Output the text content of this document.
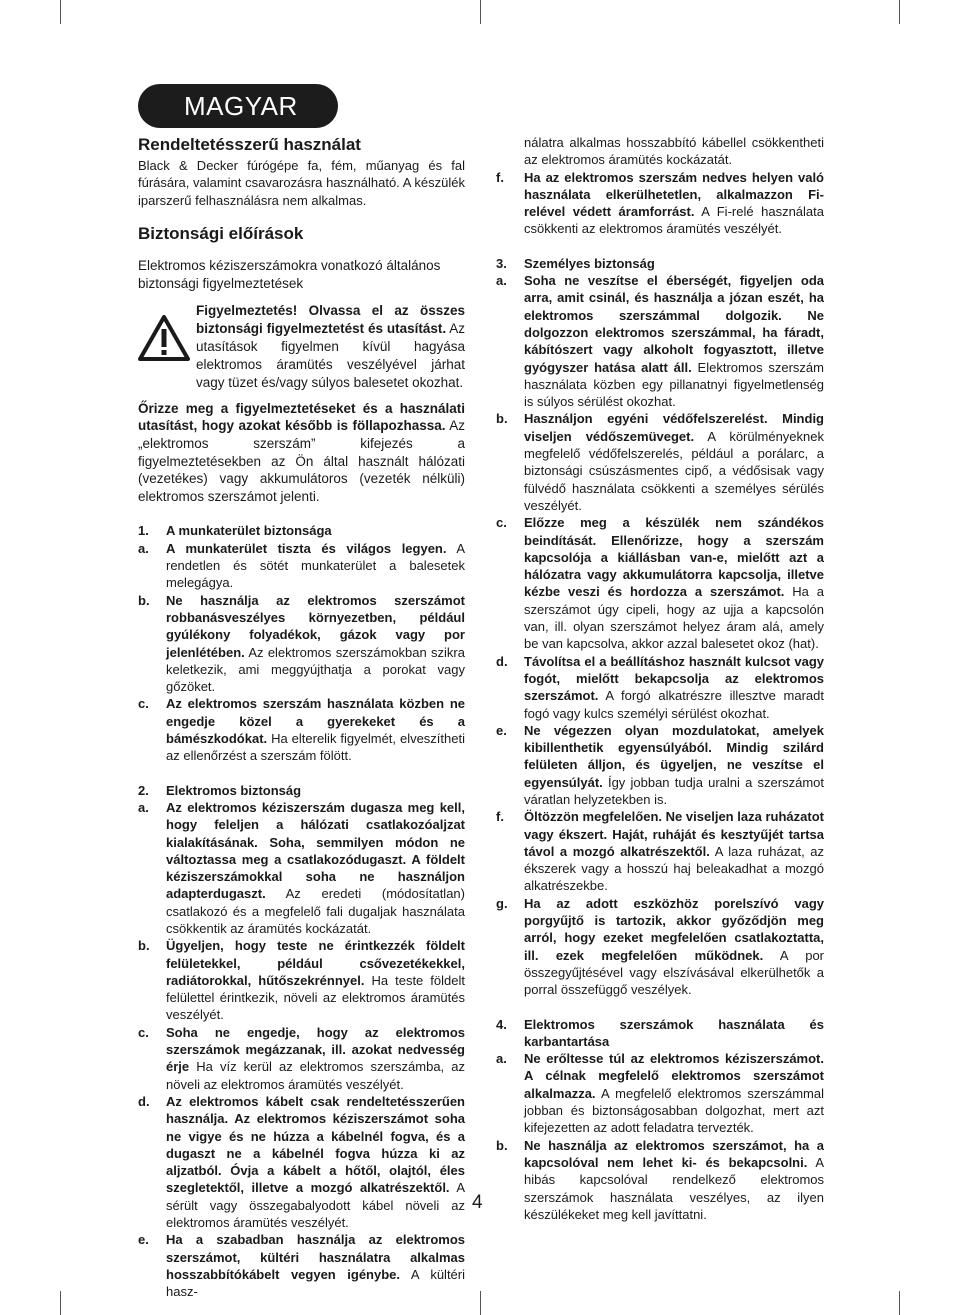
MAGYAR

Rendeltetésszerű használat

Black & Decker fúrógépe fa, fém, műanyag és fal fúrására, valamint csavarozásra használható. A készülék iparszerű felhasználásra nem alkalmas.

Biztonsági előírások

Elektromos kéziszerszámokra vonatkozó általános biztonsági figyelmeztetések

Figyelmeztetés! Olvassa el az összes biztonsági figyelmeztetést és utasítást. Az utasítások figyelmen kívül hagyása elektromos áramütés veszélyével járhat vagy tüzet és/vagy súlyos balesetet okozhat.

Őrizze meg a figyelmeztetéseket és a használati utasítást, hogy azokat később is föllapozhassa. Az „elektromos szerszám” kifejezés a figyelmeztetésekben az Ön által használt hálózati (vezetékes) vagy akkumulátoros (vezeték nélküli) elektromos szerszámot jelenti.

1.	A munkaterület biztonsága
a.	A munkaterület tiszta és világos legyen. A rendetlen és sötét munkaterület a balesetek melegágya.
b.	Ne használja az elektromos szerszámot robbanásveszélyes környezetben, például gyúlékony folyadékok, gázok vagy por jelenlétében. Az elektromos szerszámokban szikra keletkezik, ami meggyújthatja a porokat vagy gőzöket.
c.	Az elektromos szerszám használata közben ne engedje közel a gyerekeket és a bámészkodókat. Ha elterelik figyelmét, elveszítheti az ellenőrzést a szerszám fölött.
2.	Elektromos biztonság
a.	Az elektromos kéziszerszám dugasza meg kell, hogy feleljen a hálózati csatlakozóaljzat kialakításának. Soha, semmilyen módon ne változtassa meg a csatlakozódugaszt. A földelt kéziszerszámokkal soha ne használjon adapterdugaszt. Az eredeti (módosítatlan) csatlakozó és a megfelelő fali dugaljak használata csökkentik az áramütés kockázatát.
b.	Ügyeljen, hogy teste ne érintkezzék földelt felületekkel, például csővezetékekkel, radiátorokkal, hűtőszekrénnyel. Ha teste földelt felülettel érintkezik, növeli az elektromos áramütés veszélyét.
c.	Soha ne engedje, hogy az elektromos szerszámok megázzanak, ill. azokat nedvesség érje Ha víz kerül az elektromos szerszámba, az növeli az elektromos áramütés veszélyét.
d.	Az elektromos kábelt csak rendeltetésszerűen használja. Az elektromos kéziszerszámot soha ne vigye és ne húzza a kábelnél fogva, és a dugaszt ne a kábelnél fogva húzza ki az aljzatból. Óvja a kábelt a hőtől, olajtól, éles szegletektől, illetve a mozgó alkatrészektől. A sérült vagy összegabalyodott kábel növeli az elektromos áramütés veszélyét.
e.	Ha a szabadban használja az elektromos szerszámot, kültéri használatra alkalmas hosszabbítókábelt vegyen igénybe. A kültéri hasz-
nálatra alkalmas hosszabbító kábellel csökkentheti az elektromos áramütés kockázatát.
f.	Ha az elektromos szerszám nedves helyen való használata elkerülhetetlen, alkalmazzon Fi-relével védett áramforrást. A Fi-relé használata csökkenti az elektromos áramütés veszélyét.
3.	Személyes biztonság
a.	Soha ne veszítse el éberségét, figyeljen oda arra, amit csinál, és használja a józan eszét, ha elektromos szerszámmal dolgozik. Ne dolgozzon elektromos szerszámmal, ha fáradt, kábítószert vagy alkoholt fogyasztott, illetve gyógyszer hatása alatt áll. Elektromos szerszám használata közben egy pillanatnyi figyelmetlenség is súlyos sérülést okozhat.
b.	Használjon egyéni védőfelszerelést. Mindig viseljen védőszemüveget. A körülményeknek megfelelő védőfelszerelés, például a porálarc, a biztonsági csúszásmentes cipő, a védősisak vagy fülvédő használata csökkenti a személyes sérülés veszélyét.
c.	Előzze meg a készülék nem szándékos beindítását. Ellenőrizze, hogy a szerszám kapcsolója a kiállásban van-e, mielőtt azt a hálózatra vagy akkumulátorra kapcsolja, illetve kézbe veszi és hordozza a szerszámot. Ha a szerszámot úgy cipeli, hogy az ujja a kapcsolón van, ill. olyan szerszámot helyez áram alá, amely be van kapcsolva, akkor azzal balesetet okoz (hat).
d.	Távolítsa el a beállításhoz használt kulcsot vagy fogót, mielőtt bekapcsolja az elektromos szerszámot. A forgó alkatrészre illesztve maradt fogó vagy kulcs személyi sérülést okozhat.
e.	Ne végezzen olyan mozdulatokat, amelyek kibillenthetik egyensúlyából. Mindig szilárd felületen álljon, és ügyeljen, ne veszítse el egyensúlyát. Így jobban tudja uralni a szerszámot váratlan helyzetekben is.
f.	Öltözzön megfelelően. Ne viseljen laza ruházatot vagy ékszert. Haját, ruháját és kesztyűjét tartsa távol a mozgó alkatrészektől. A laza ruházat, az ékszerek vagy a hosszú haj beleakadhat a mozgó alkatrészekbe.
g.	Ha az adott eszközhöz porelszívó vagy porgyűjtő is tartozik, akkor győződjön meg arról, hogy ezeket megfelelően csatlakoztatta, ill. ezek megfelelően működnek. A por összegyűjtésével vagy elszívásával elkerülhetők a porral összefüggő veszélyek.
4.	Elektromos szerszámok használata és karbantartása
a.	Ne erőltesse túl az elektromos kéziszerszámot. A célnak megfelelő elektromos szerszámot alkalmazza. A megfelelő elektromos szerszámmal jobban és biztonságosabban dolgozhat, mert azt kifejezetten az adott feladatra tervezték.
b.	Ne használja az elektromos szerszámot, ha a kapcsolóval nem lehet ki- és bekapcsolni. A hibás kapcsolóval rendelkező elektromos szerszámok használata veszélyes, az ilyen készülékeket meg kell javíttatni.
4
